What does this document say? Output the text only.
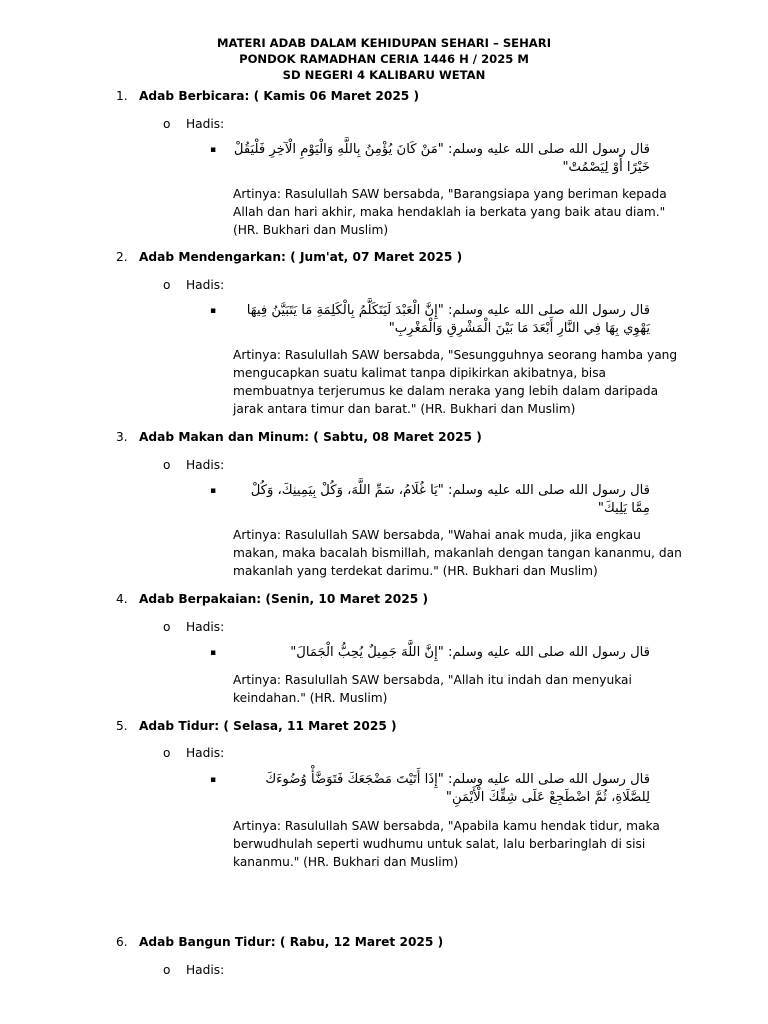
MATERI ADAB DALAM KEHIDUPAN SEHARI – SEHARI
PONDOK RAMADHAN CERIA 1446 H / 2025 M
SD NEGERI 4 KALIBARU WETAN
1. Adab Berbicara: ( Kamis 06 Maret 2025 )
o Hadis:
▪ قال رسول الله صلى الله عليه وسلم: "مَنْ كَانَ يُؤْمِنُ بِاللَّهِ وَالْيَوْمِ الْآخِرِ فَلْيَقُلْ خَيْرًا أَوْ لِيَصْمُتْ"
Artinya: Rasulullah SAW bersabda, "Barangsiapa yang beriman kepada Allah dan hari akhir, maka hendaklah ia berkata yang baik atau diam." (HR. Bukhari dan Muslim)
2. Adab Mendengarkan: ( Jum'at, 07 Maret 2025 )
o Hadis:
▪	قال رسول الله صلى الله عليه وسلم: "إِنَّ الْعَبْدَ لَيَتَكَلَّمُ بِالْكَلِمَةِ مَا يَتَبَيَّنُ فِيهَا يَهْوِي بِهَا فِي النَّارِ أَبْعَدَ مَا بَيْنَ الْمَشْرِقِ وَالْمَغْرِبِ"
Artinya: Rasulullah SAW bersabda, "Sesungguhnya seorang hamba yang mengucapkan suatu kalimat tanpa dipikirkan akibatnya, bisa membuatnya terjerumus ke dalam neraka yang lebih dalam daripada jarak antara timur dan barat." (HR. Bukhari dan Muslim)
3. Adab Makan dan Minum: ( Sabtu, 08 Maret 2025 )
o Hadis:
▪	قال رسول الله صلى الله عليه وسلم: "يَا غُلَامُ، سَمِّ اللَّهَ، وَكُلْ بِيَمِينِكَ، وَكُلْ مِمَّا يَلِيكَ"
Artinya: Rasulullah SAW bersabda, "Wahai anak muda, jika engkau makan, maka bacalah bismillah, makanlah dengan tangan kananmu, dan makanlah yang terdekat darimu." (HR. Bukhari dan Muslim)
4. Adab Berpakaian: (Senin, 10 Maret 2025 )
o Hadis:
▪	قال رسول الله صلى الله عليه وسلم: "إِنَّ اللَّهَ جَمِيلٌ يُحِبُّ الْجَمَالَ"
Artinya: Rasulullah SAW bersabda, "Allah itu indah dan menyukai keindahan." (HR. Muslim)
5. Adab Tidur: ( Selasa, 11 Maret 2025 )
o Hadis:
▪	قال رسول الله صلى الله عليه وسلم: "إِذَا أَتَيْتَ مَضْجَعَكَ فَتَوَضَّأْ وُضُوءَكَ لِلصَّلَاةِ، ثُمَّ اضْطَجِعْ عَلَى شِقِّكَ الْأَيْمَنِ"
Artinya: Rasulullah SAW bersabda, "Apabila kamu hendak tidur, maka berwudhulah seperti wudhumu untuk salat, lalu berbaringlah di sisi kananmu." (HR. Bukhari dan Muslim)
6. Adab Bangun Tidur: ( Rabu, 12 Maret 2025 )
o Hadis:
